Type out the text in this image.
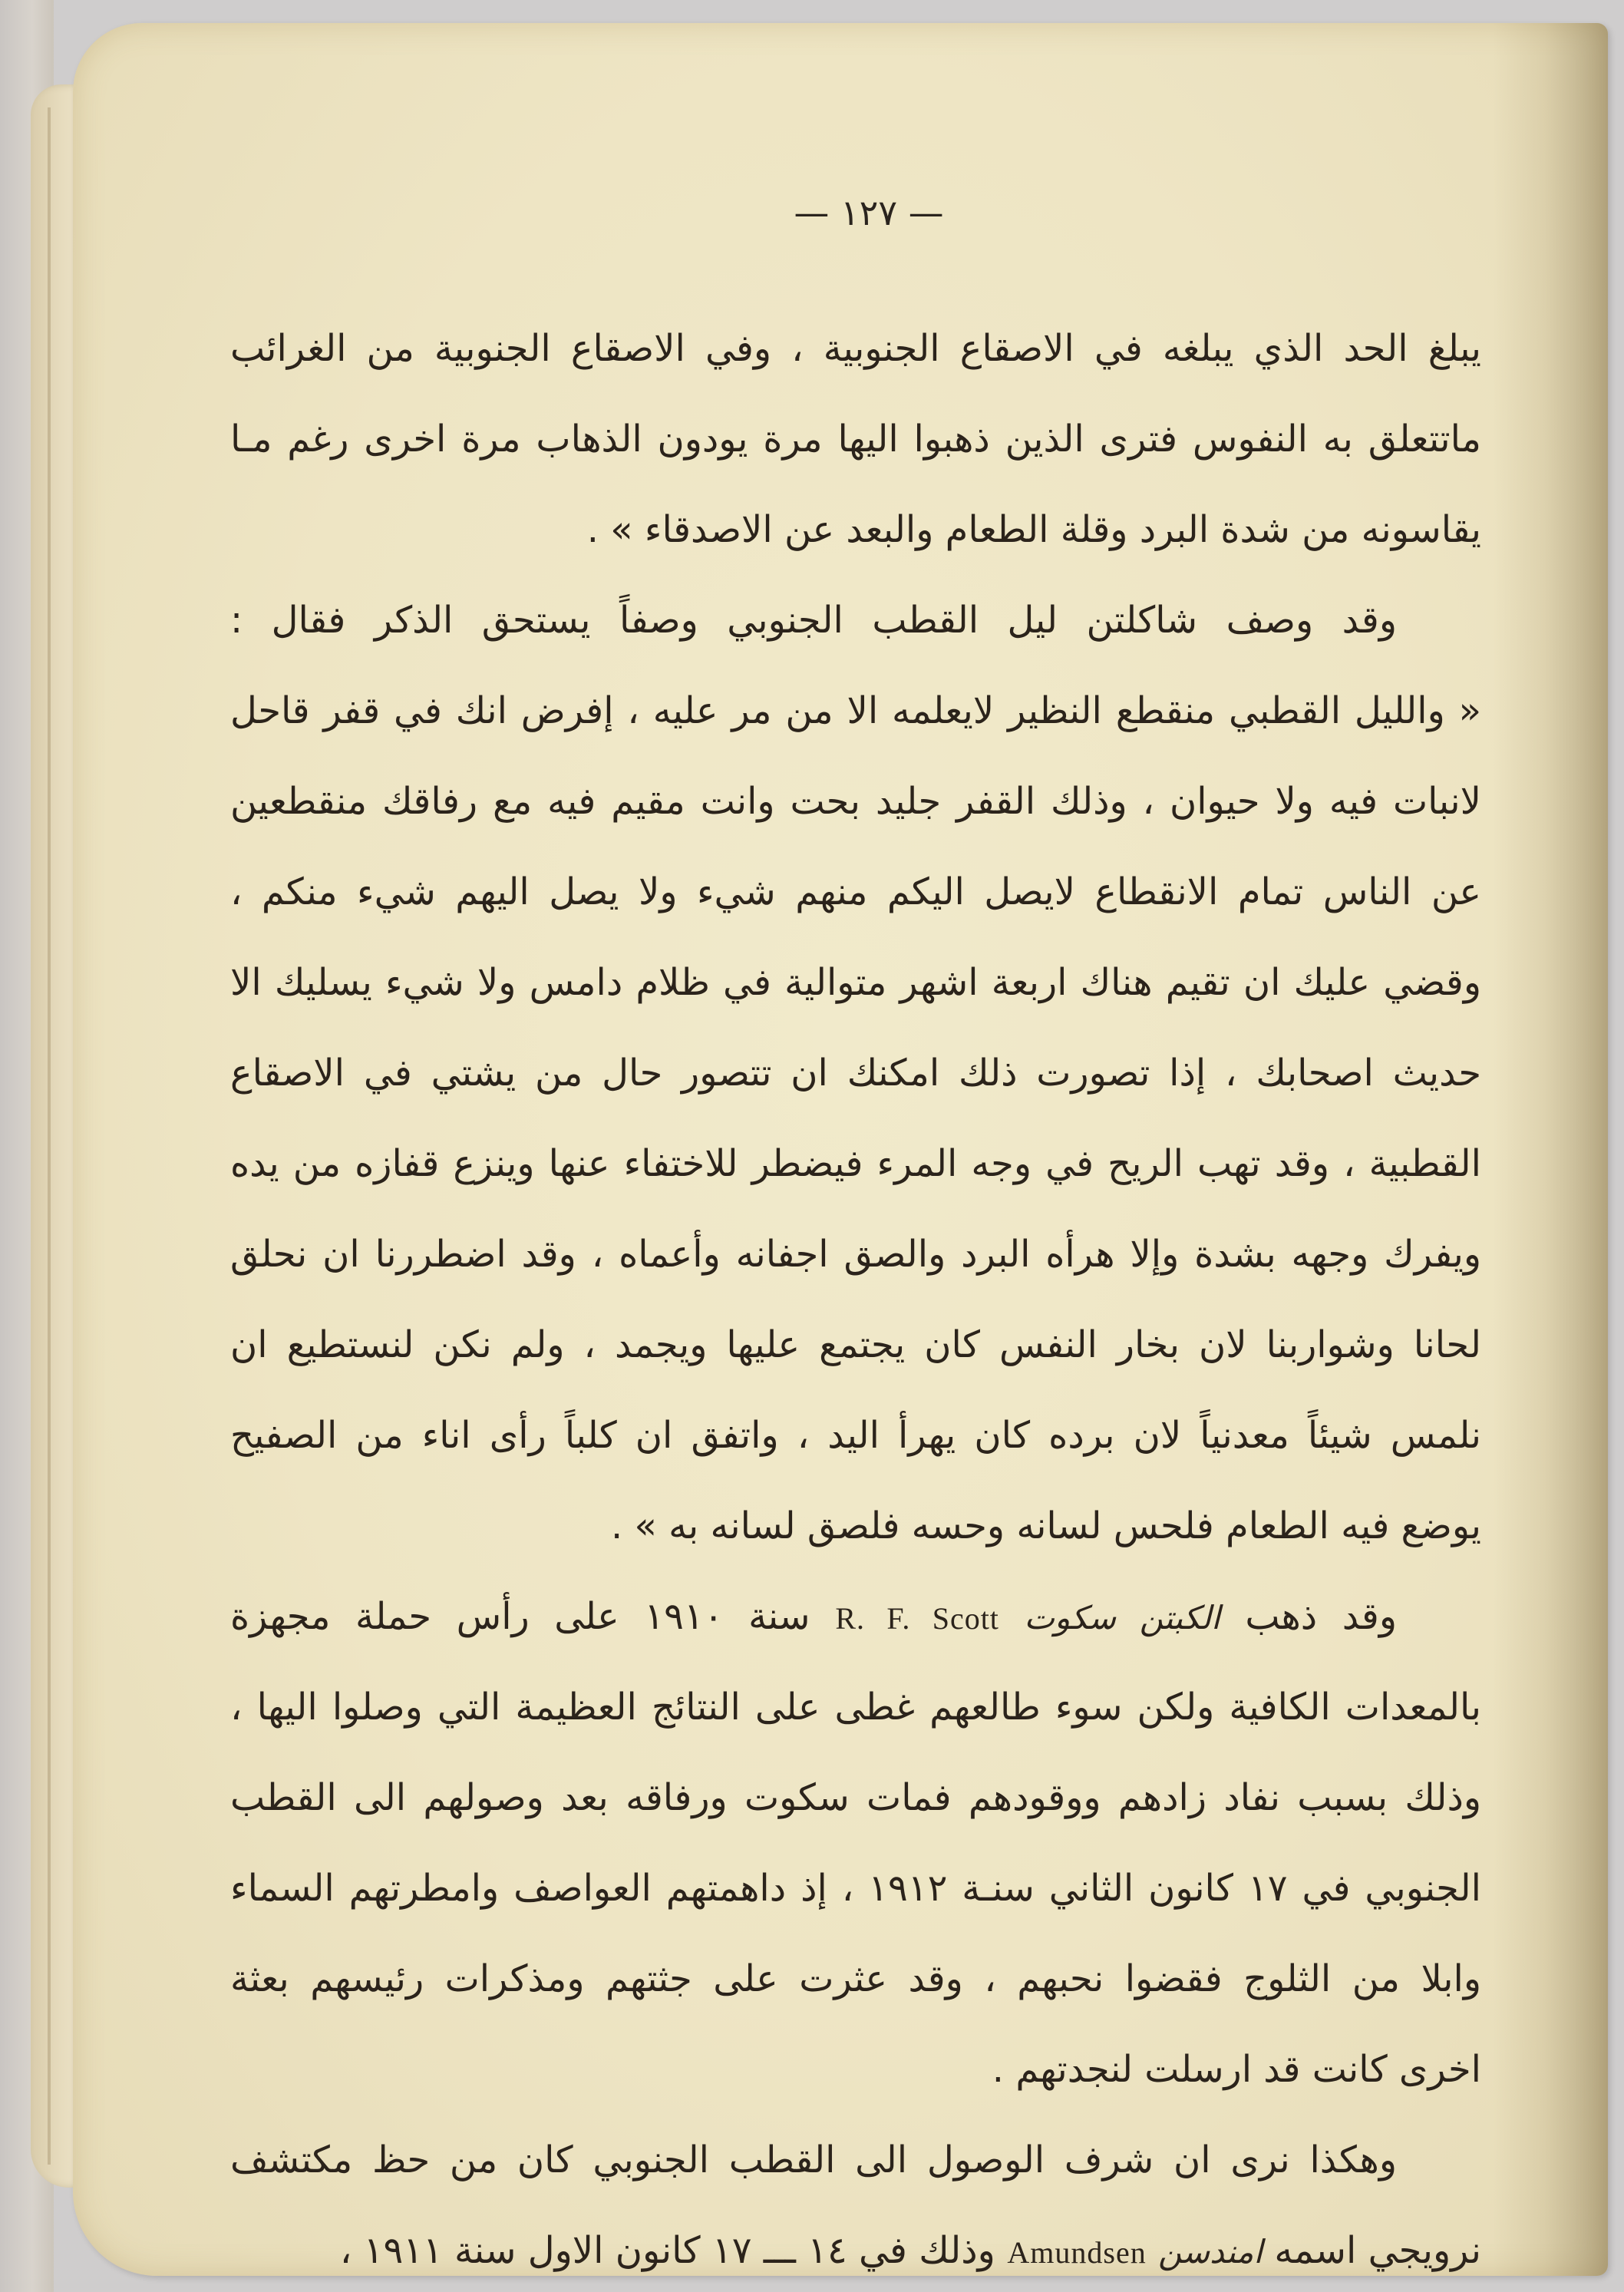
— ١٢٧ —
يبلغ الحد الذي يبلغه في الاصقاع الجنوبية ، وفي الاصقاع الجنوبية من الغرائب
ماتتعلق به النفوس فترى الذين ذهبوا اليها مرة يودون الذهاب مرة اخرى رغم مـا
يقاسونه من شدة البرد وقلة الطعام والبعد عن الاصدقاء » .
وقد وصف شاكلتن ليل القطب الجنوبي وصفاً يستحق الذكر فقال :
« والليل القطبي منقطع النظير لايعلمه الا من مر عليه ، إفرض انك في قفر قاحل
لانبات فيه ولا حيوان ، وذلك القفر جليد بحت وانت مقيم فيه مع رفاقك منقطعين
عن الناس تمام الانقطاع لايصل اليكم منهم شيء ولا يصل اليهم شيء منكم ،
وقضي عليك ان تقيم هناك اربعة اشهر متوالية في ظلام دامس ولا شيء يسليك الا
حديث اصحابك ، إذا تصورت ذلك امكنك ان تتصور حال من يشتي في الاصقاع
القطبية ، وقد تهب الريح في وجه المرء فيضطر للاختفاء عنها وينزع قفازه من يده
ويفرك وجهه بشدة وإلا هرأه البرد والصق اجفانه وأعماه ، وقد اضطررنا ان نحلق
لحانا وشواربنا لان بخار النفس كان يجتمع عليها ويجمد ، ولم نكن لنستطيع ان
نلمس شيئاً معدنياً لان برده كان يهرأ اليد ، واتفق ان كلباً رأى اناء من الصفيح
يوضع فيه الطعام فلحس لسانه وحسه فلصق لسانه به » .
وقد ذهب الكبتن سكوت R. F. Scott سنة ١٩١٠ على رأس حملة مجهزة
بالمعدات الكافية ولكن سوء طالعهم غطى على النتائج العظيمة التي وصلوا اليها ،
وذلك بسبب نفاد زادهم ووقودهم فمات سكوت ورفاقه بعد وصولهم الى القطب
الجنوبي في ١٧ كانون الثاني سنـة ١٩١٢ ، إذ داهمتهم العواصف وامطرتهم السماء
وابلا من الثلوج فقضوا نحبهم ، وقد عثرت على جثتهم ومذكرات رئيسهم بعثة
اخرى كانت قد ارسلت لنجدتهم .
وهكذا نرى ان شرف الوصول الى القطب الجنوبي كان من حظ مكتشف
نرويجي اسمه امندسن Amundsen وذلك في ١٤ ـــ ١٧ كانون الاول سنة ١٩١١ ،
